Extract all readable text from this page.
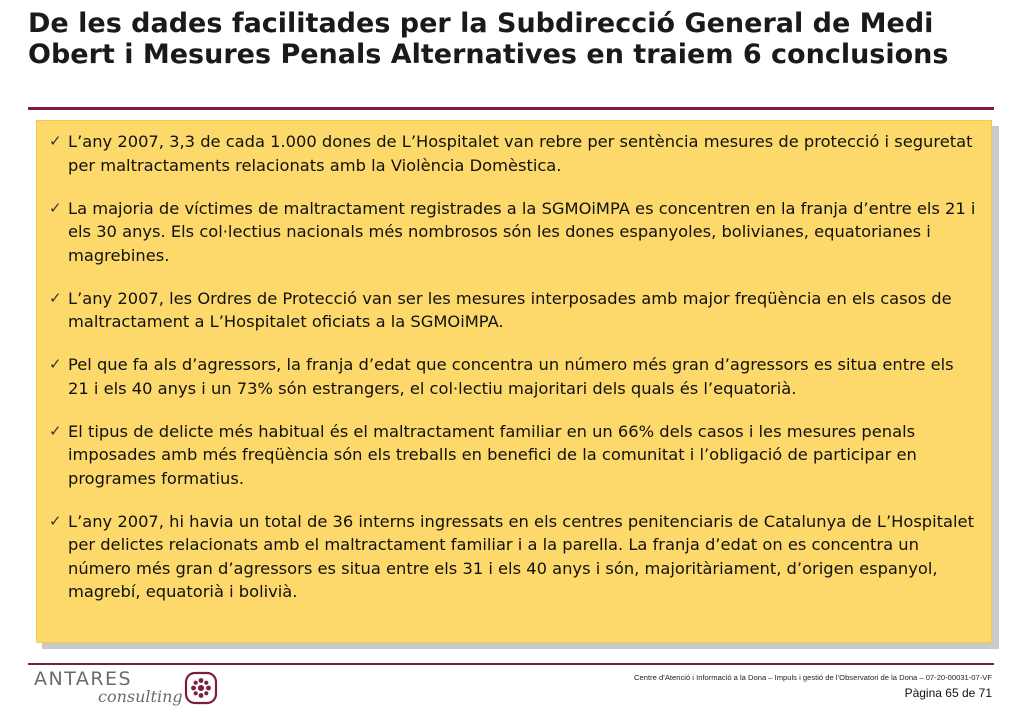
De les dades facilitades per la Subdirecció General de Medi Obert i Mesures Penals Alternatives en traiem 6 conclusions
✓ L’any 2007, 3,3 de cada 1.000 dones de L’Hospitalet van rebre per sentència mesures de protecció i seguretat per maltractaments relacionats amb la Violència Domèstica.
✓ La majoria de víctimes de maltractament registrades a la SGMOiMPA es concentren en la franja d’entre els 21 i els 30 anys. Els col·lectius nacionals més nombrosos són les dones espanyoles, bolivianes, equatorianes i magrebines.
✓ L’any 2007, les Ordres de Protecció van ser les mesures interposades amb major freqüència en els casos de maltractament a L’Hospitalet oficiats a la SGMOiMPA.
✓ Pel que fa als d’agressors, la franja d’edat que concentra un número més gran d’agressors es situa entre els 21 i els 40 anys i un 73% són estrangers, el col·lectiu majoritari dels quals és l’equatorià.
✓ El tipus de delicte més habitual és el maltractament familiar en un 66% dels casos i les mesures penals imposades amb més freqüència són els treballs en benefici de la comunitat i l’obligació de participar en programes formatius.
✓ L’any 2007, hi havia un total de 36 interns ingressats en els centres penitenciaris de Catalunya de L’Hospitalet per delictes relacionats amb el maltractament familiar i a la parella. La franja d’edat on es concentra un número més gran d’agressors es situa entre els 31 i els 40 anys i són, majoritàriament, d’origen espanyol, magrebí, equatorià i bolivià.
ANTARES
consulting
Centre d’Atenció i Informació a la Dona – Impuls i gestió de l’Observatori de la Dona – 07-20-00031-07-VF
Pàgina 65 de 71
